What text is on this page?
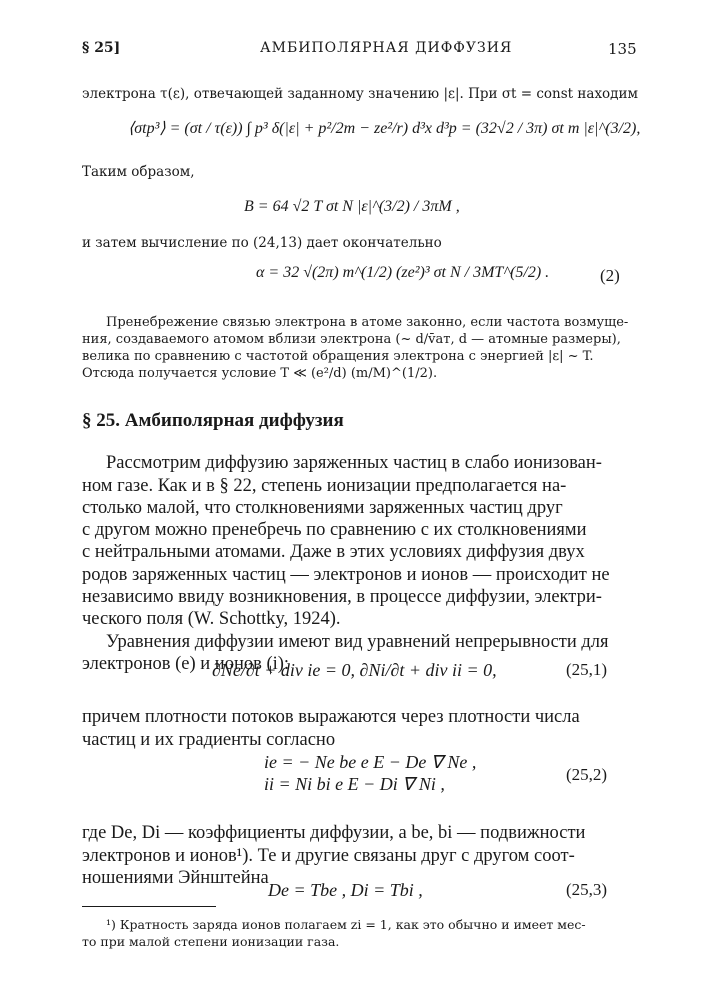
§ 25]	АМБИПОЛЯРНАЯ ДИФФУЗИЯ	135
электрона τ(ε), отвечающей заданному значению |ε|. При σt = const находим
⟨σtp³⟩ = (σt / τ(ε)) ∫ p³ δ(|ε| + p²/2m − ze²/r) d³x d³p = (32√2 / 3π) σt m |ε|^(3/2),
Таким образом,
B = 64 √2 T σt N |ε|^(3/2) / 3πM ,
и затем вычисление по (24,13) дает окончательно
α = 32 √(2π) m^(1/2) (ze²)³ σt N / 3MT^(5/2) .	(2)
Пренебрежение связью электрона в атоме законно, если частота возмуще-
ния, создаваемого атомом вблизи электрона (~ d/v̄ат, d — атомные размеры),
велика по сравнению с частотой обращения электрона с энергией |ε| ~ T.
Отсюда получается условие T ≪ (e²/d) (m/M)^(1/2).
§ 25. Амбиполярная диффузия
Рассмотрим диффузию заряженных частиц в слабо ионизован-
ном газе. Как и в § 22, степень ионизации предполагается на-
столько малой, что столкновениями заряженных частиц друг
с другом можно пренебречь по сравнению с их столкновениями
с нейтральными атомами. Даже в этих условиях диффузия двух
родов заряженных частиц — электронов и ионов — происходит не
независимо ввиду возникновения, в процессе диффузии, электри-
ческого поля (W. Schottky, 1924).
Уравнения диффузии имеют вид уравнений непрерывности для
электронов (e) и ионов (i):
∂Ne/∂t + div ie = 0, ∂Ni/∂t + div ii = 0,	(25,1)
причем плотности потоков выражаются через плотности числа
частиц и их градиенты согласно
ie = − Ne be e E − De ∇ Ne ,
ii = Ni bi e E − Di ∇ Ni ,	(25,2)
где De, Di — коэффициенты диффузии, а be, bi — подвижности
электронов и ионов¹). Те и другие связаны друг с другом соот-
ношениями Эйнштейна
De = Tbe , Di = Tbi ,	(25,3)
¹) Кратность заряда ионов полагаем zi = 1, как это обычно и имеет мес-
то при малой степени ионизации газа.
